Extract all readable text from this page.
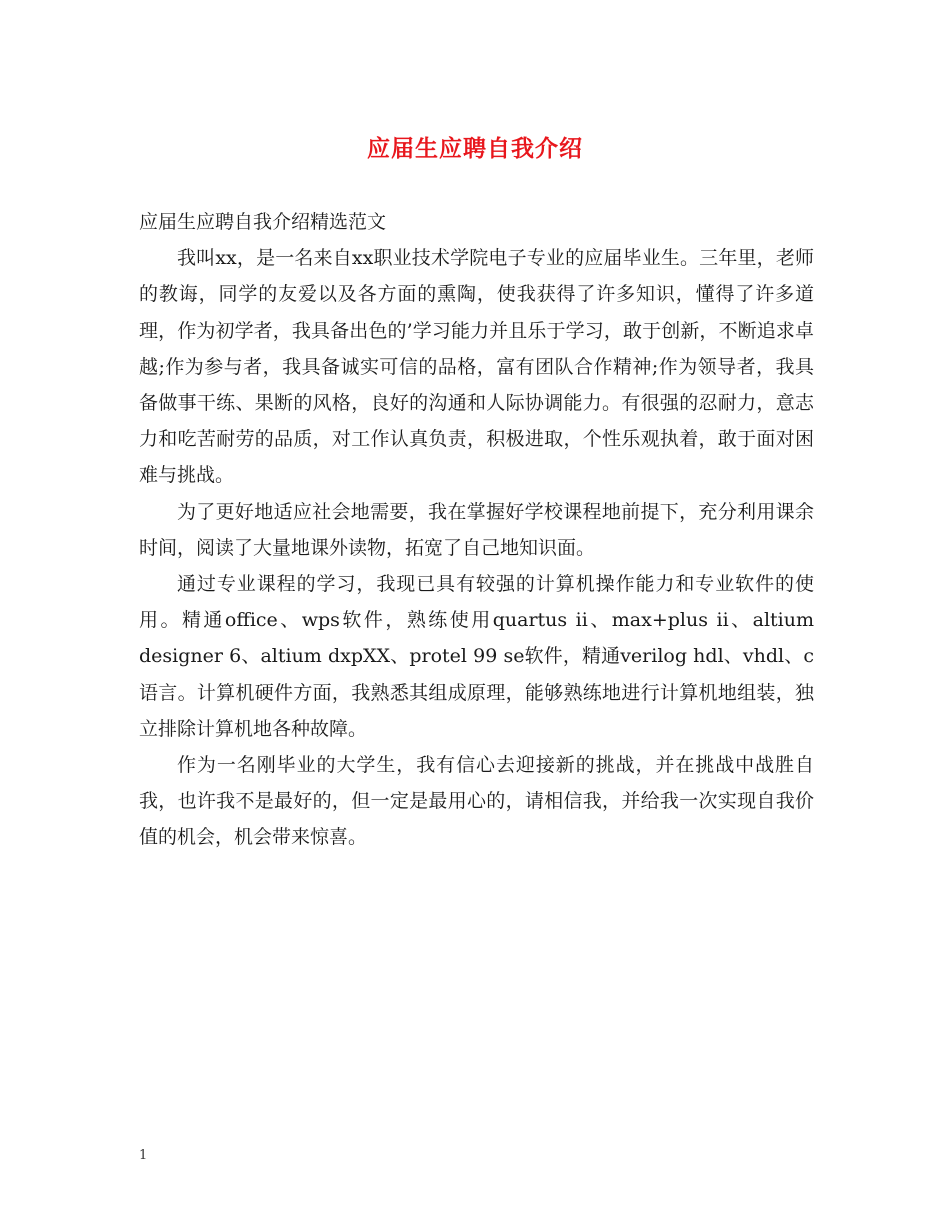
应届生应聘自我介绍

应届生应聘自我介绍精选范文

我叫xx，是一名来自xx职业技术学院电子专业的应届毕业生。三年里，老师的教诲，同学的友爱以及各方面的熏陶，使我获得了许多知识，懂得了许多道理，作为初学者，我具备出色的’学习能力并且乐于学习，敢于创新，不断追求卓越;作为参与者，我具备诚实可信的品格，富有团队合作精神;作为领导者，我具备做事干练、果断的风格，良好的沟通和人际协调能力。有很强的忍耐力，意志力和吃苦耐劳的品质，对工作认真负责，积极进取，个性乐观执着，敢于面对困难与挑战。

为了更好地适应社会地需要，我在掌握好学校课程地前提下，充分利用课余时间，阅读了大量地课外读物，拓宽了自己地知识面。

通过专业课程的学习，我现已具有较强的计算机操作能力和专业软件的使用。精通office、wps软件，熟练使用quartus ii、max+plus ii、altium designer 6、altium dxpXX、protel 99 se软件，精通verilog hdl、vhdl、c语言。计算机硬件方面，我熟悉其组成原理，能够熟练地进行计算机地组装，独立排除计算机地各种故障。

作为一名刚毕业的大学生，我有信心去迎接新的挑战，并在挑战中战胜自我，也许我不是最好的，但一定是最用心的，请相信我，并给我一次实现自我价值的机会，机会带来惊喜。

1
